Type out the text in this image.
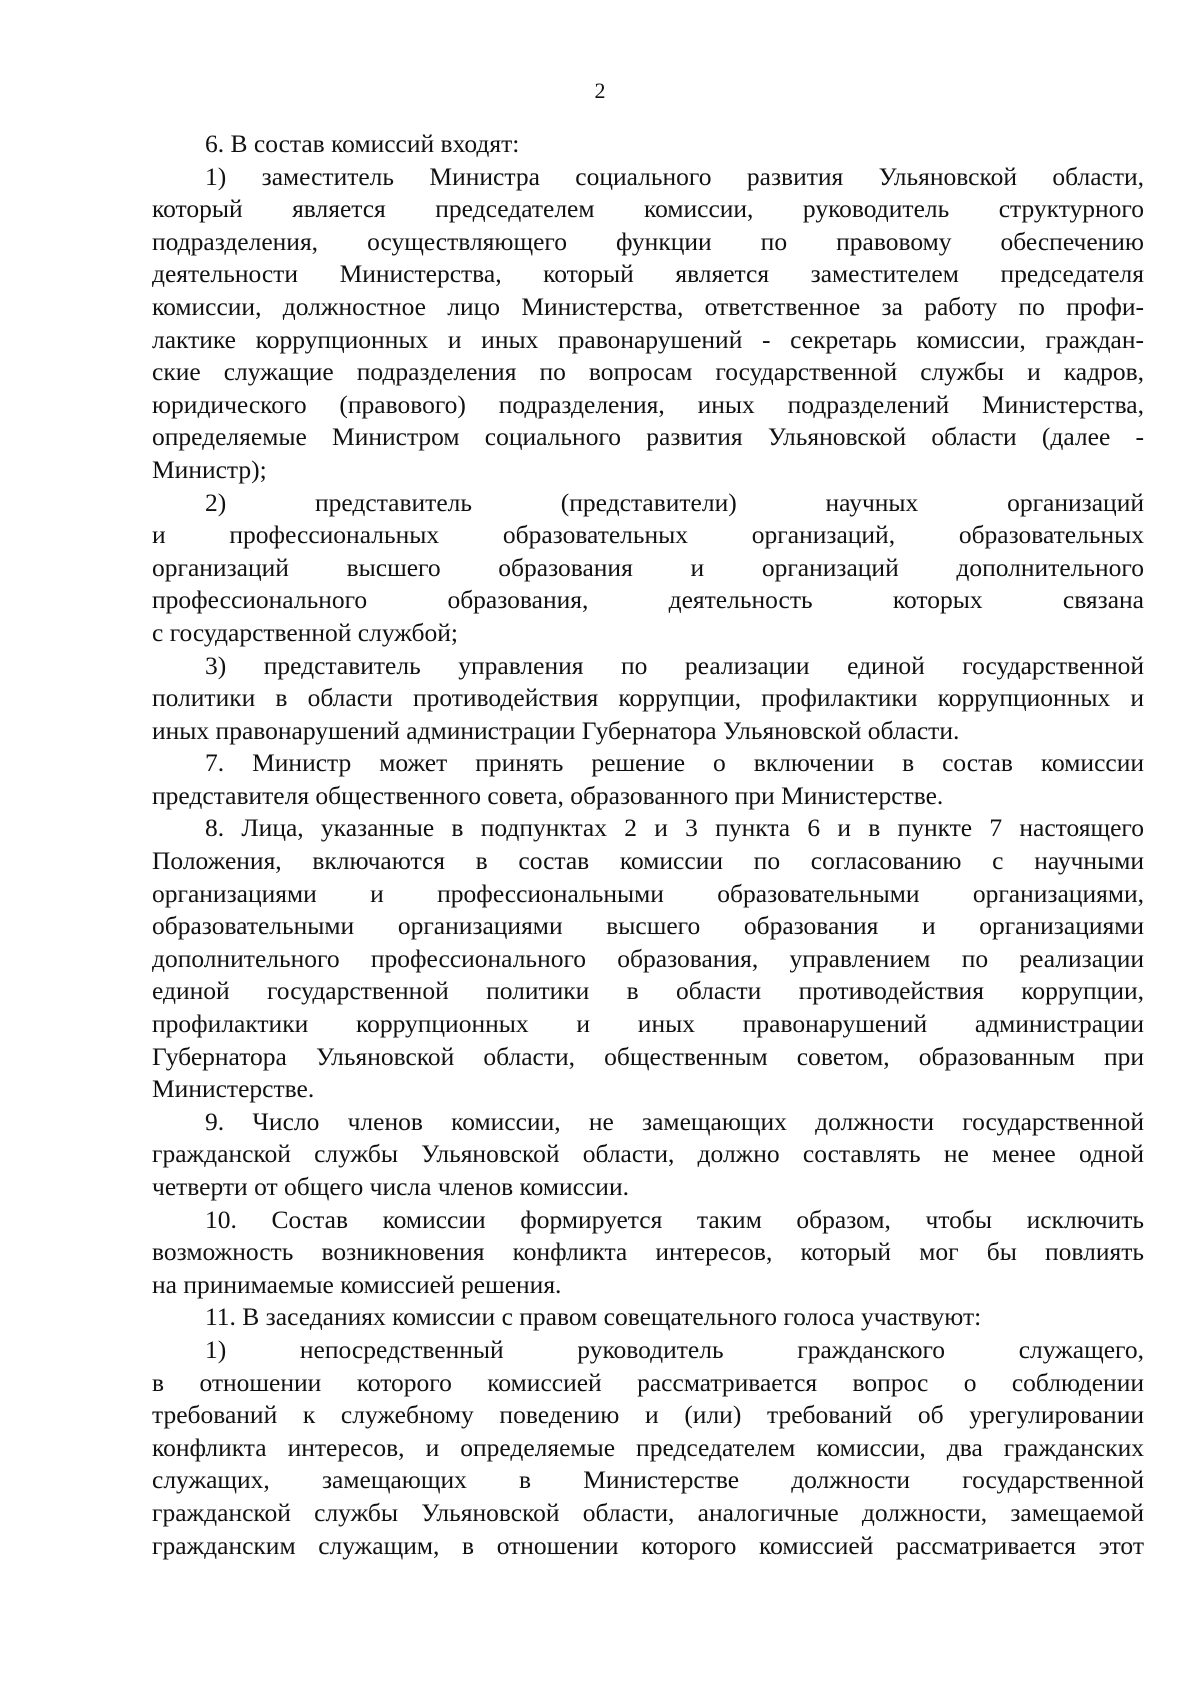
2
6. В состав комиссий входят:
1) заместитель Министра социального развития Ульяновской области,
который является председателем комиссии, руководитель структурного
подразделения, осуществляющего функции по правовому обеспечению
деятельности Министерства, который является заместителем председателя
комиссии, должностное лицо Министерства, ответственное за работу по профи-
лактике коррупционных и иных правонарушений - секретарь комиссии, граждан-
ские служащие подразделения по вопросам государственной службы и кадров,
юридического (правового) подразделения, иных подразделений Министерства,
определяемые Министром социального развития Ульяновской области (далее -
Министр);
2) представитель (представители) научных организаций
и профессиональных образовательных организаций, образовательных
организаций высшего образования и организаций дополнительного
профессионального образования, деятельность которых связана
с государственной службой;
3) представитель управления по реализации единой государственной
политики в области противодействия коррупции, профилактики коррупционных и
иных правонарушений администрации Губернатора Ульяновской области.
7. Министр может принять решение о включении в состав комиссии
представителя общественного совета, образованного при Министерстве.
8. Лица, указанные в подпунктах 2 и 3 пункта 6 и в пункте 7 настоящего
Положения, включаются в состав комиссии по согласованию с научными
организациями и профессиональными образовательными организациями,
образовательными организациями высшего образования и организациями
дополнительного профессионального образования, управлением по реализации
единой государственной политики в области противодействия коррупции,
профилактики коррупционных и иных правонарушений администрации
Губернатора Ульяновской области, общественным советом, образованным при
Министерстве.
9. Число членов комиссии, не замещающих должности государственной
гражданской службы Ульяновской области, должно составлять не менее одной
четверти от общего числа членов комиссии.
10. Состав комиссии формируется таким образом, чтобы исключить
возможность возникновения конфликта интересов, который мог бы повлиять
на принимаемые комиссией решения.
11. В заседаниях комиссии с правом совещательного голоса участвуют:
1) непосредственный руководитель гражданского служащего,
в отношении которого комиссией рассматривается вопрос о соблюдении
требований к служебному поведению и (или) требований об урегулировании
конфликта интересов, и определяемые председателем комиссии, два гражданских
служащих, замещающих в Министерстве должности государственной
гражданской службы Ульяновской области, аналогичные должности, замещаемой
гражданским служащим, в отношении которого комиссией рассматривается этот
